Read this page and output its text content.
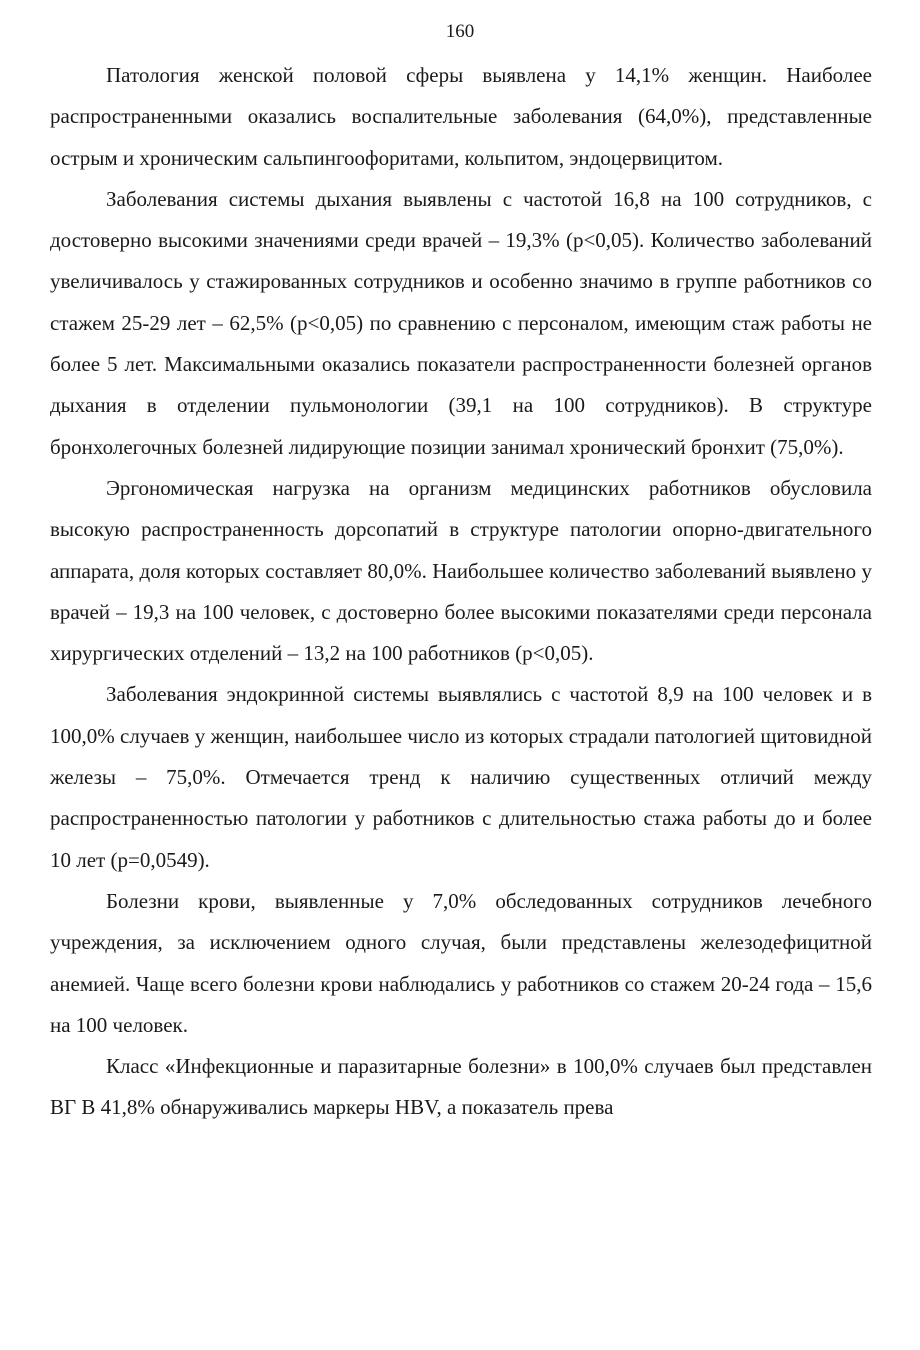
160

Патология женской половой сферы выявлена у 14,1% женщин. Наиболее распространенными оказались воспалительные заболевания (64,0%), представленные острым и хроническим сальпингоофоритами, кольпитом, эндоцервицитом.

Заболевания системы дыхания выявлены с частотой 16,8 на 100 сотрудников, с достоверно высокими значениями среди врачей – 19,3% (р<0,05). Количество заболеваний увеличивалось у стажированных сотрудников и особенно значимо в группе работников со стажем 25-29 лет – 62,5% (р<0,05) по сравнению с персоналом, имеющим стаж работы не более 5 лет. Максимальными оказались показатели распространенности болезней органов дыхания в отделении пульмонологии (39,1 на 100 сотрудников). В структуре бронхолегочных болезней лидирующие позиции занимал хронический бронхит (75,0%).

Эргономическая нагрузка на организм медицинских работников обусловила высокую распространенность дорсопатий в структуре патологии опорно-двигательного аппарата, доля которых составляет 80,0%. Наибольшее количество заболеваний выявлено у врачей – 19,3 на 100 человек, с достоверно более высокими показателями среди персонала хирургических отделений – 13,2 на 100 работников (р<0,05).

Заболевания эндокринной системы выявлялись с частотой 8,9 на 100 человек и в 100,0% случаев у женщин, наибольшее число из которых страдали патологией щитовидной железы – 75,0%. Отмечается тренд к наличию существенных отличий между распространенностью патологии у работников с длительностью стажа работы до и более 10 лет (р=0,0549).

Болезни крови, выявленные у 7,0% обследованных сотрудников лечебного учреждения, за исключением одного случая, были представлены железодефицитной анемией. Чаще всего болезни крови наблюдались у работников со стажем 20-24 года – 15,6 на 100 человек.

Класс «Инфекционные и паразитарные болезни» в 100,0% случаев был представлен ВГ В 41,8% обнаруживались маркеры HBV, а показатель прева
